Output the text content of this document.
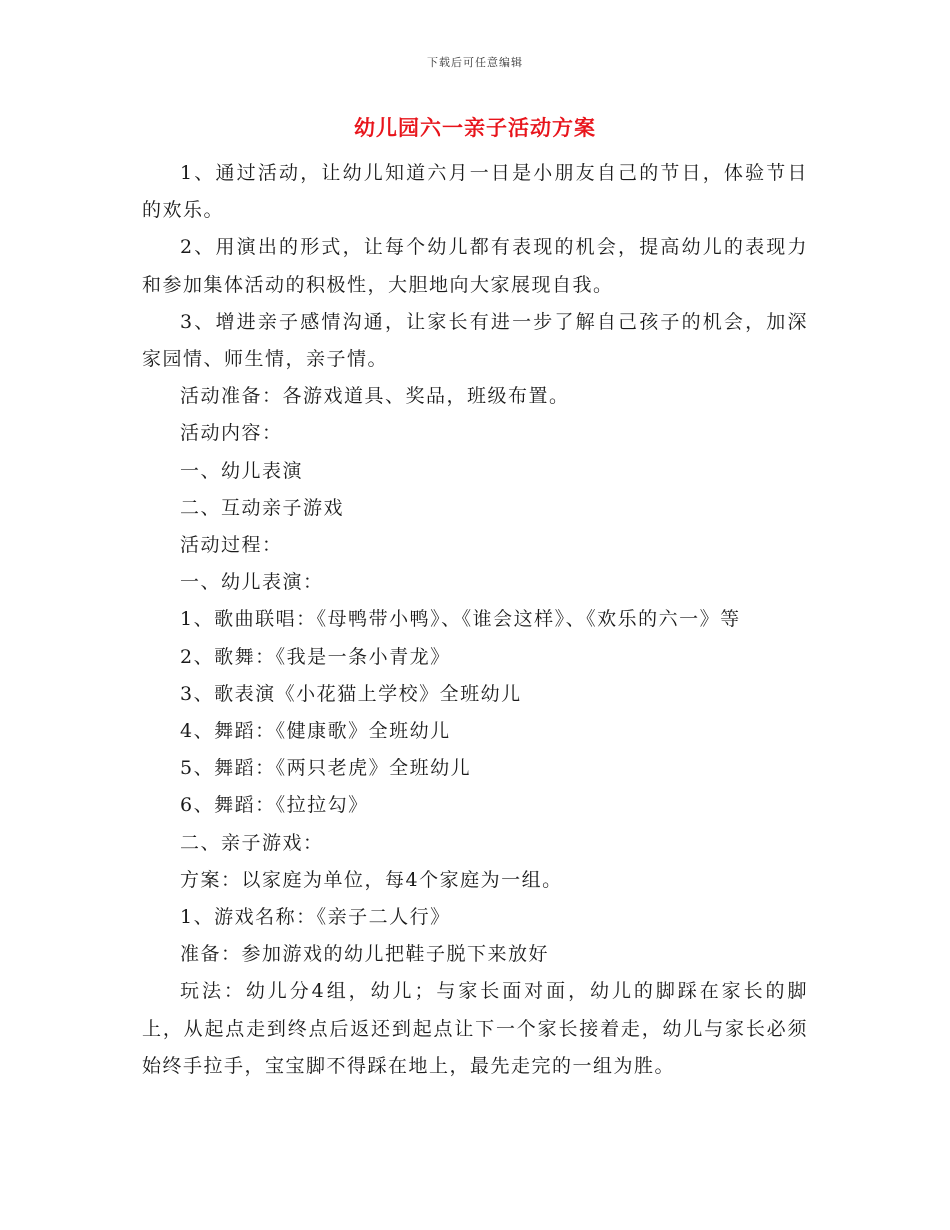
下载后可任意编辑
幼儿园六一亲子活动方案

1、通过活动，让幼儿知道六月一日是小朋友自己的节日，体验节日的欢乐。

2、用演出的形式，让每个幼儿都有表现的机会，提高幼儿的表现力和参加集体活动的积极性，大胆地向大家展现自我。

3、增进亲子感情沟通，让家长有进一步了解自己孩子的机会，加深家园情、师生情，亲子情。

活动准备：各游戏道具、奖品，班级布置。

活动内容：

一、幼儿表演

二、互动亲子游戏

活动过程：

一、幼儿表演：

1、歌曲联唱：《母鸭带小鸭》、《谁会这样》、《欢乐的六一》等

2、歌舞：《我是一条小青龙》

3、歌表演《小花猫上学校》全班幼儿

4、舞蹈：《健康歌》全班幼儿

5、舞蹈：《两只老虎》全班幼儿

6、舞蹈：《拉拉勾》

二、亲子游戏：

方案：以家庭为单位，每4个家庭为一组。

1、游戏名称：《亲子二人行》

准备：参加游戏的幼儿把鞋子脱下来放好

玩法：幼儿分4组，幼儿；与家长面对面，幼儿的脚踩在家长的脚上，从起点走到终点后返还到起点让下一个家长接着走，幼儿与家长必须始终手拉手，宝宝脚不得踩在地上，最先走完的一组为胜。
